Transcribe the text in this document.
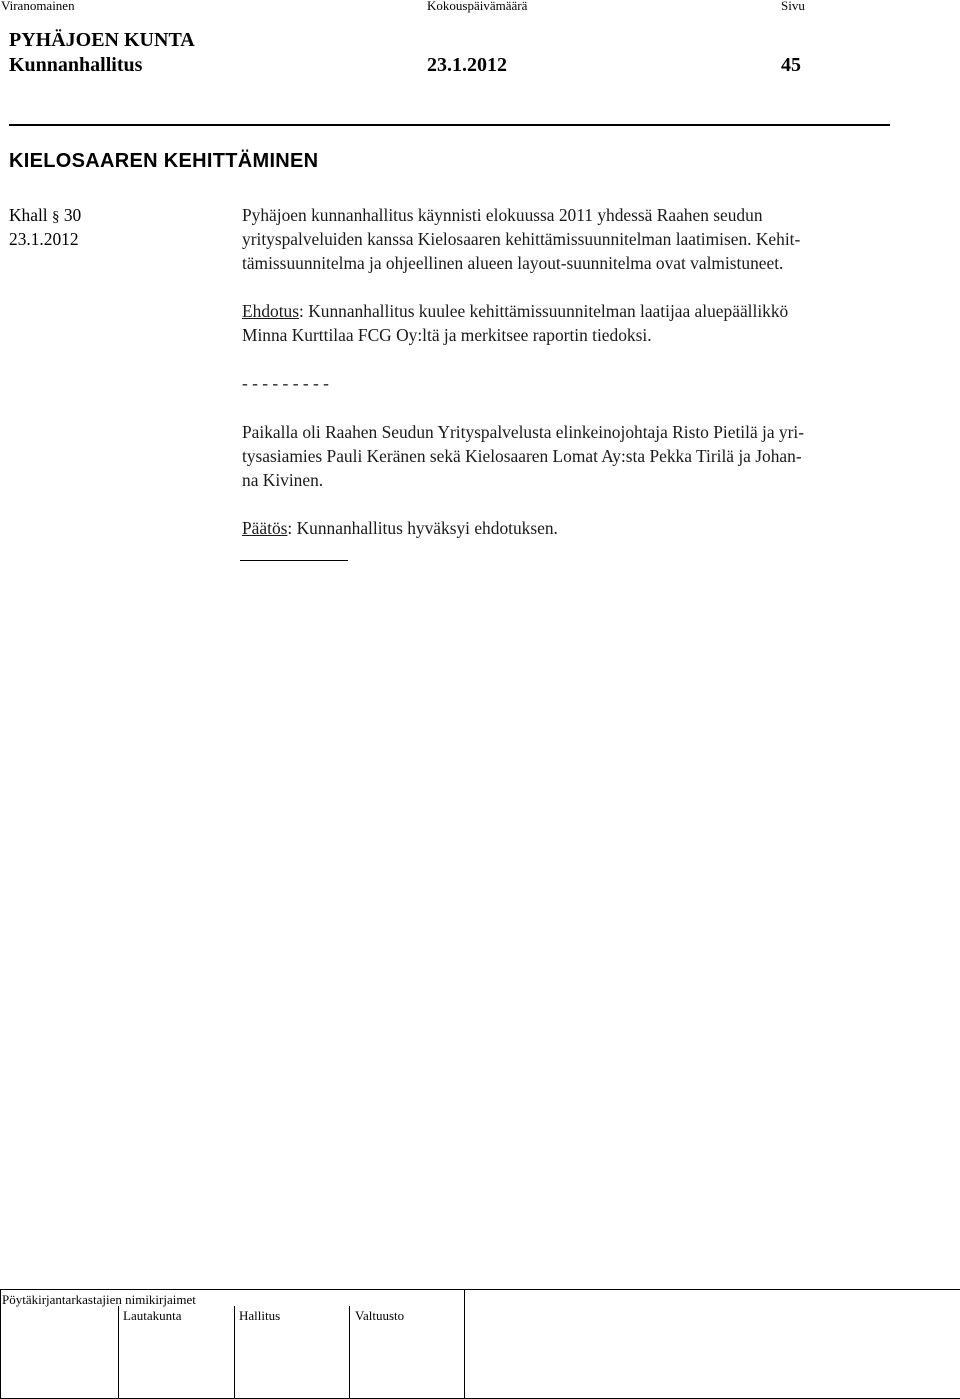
Viranomainen	Kokouspäivämäärä	Sivu
PYHÄJOEN KUNTA
Kunnanhallitus	23.1.2012	45
KIELOSAAREN KEHITTÄMINEN
Khall § 30
23.1.2012
Pyhäjoen kunnanhallitus käynnisti elokuussa 2011 yhdessä Raahen seudun
yrityspalveluiden kanssa Kielosaaren kehittämissuunnitelman laatimisen. Kehit-
tämissuunnitelma ja ohjeellinen alueen layout-suunnitelma ovat valmistuneet.
Ehdotus: Kunnanhallitus kuulee kehittämissuunnitelman laatijaa aluepäällikkö
Minna Kurttilaa FCG Oy:ltä ja merkitsee raportin tiedoksi.
- - - - - - - - -
Paikalla oli Raahen Seudun Yrityspalvelusta elinkeinojohtaja Risto Pietilä ja yri-
tysasiamies Pauli Keränen sekä Kielosaaren Lomat Ay:sta Pekka Tirilä ja Johan-
na Kivinen.
Päätös: Kunnanhallitus hyväksyi ehdotuksen.
Pöytäkirjantarkastajien nimikirjaimet
Lautakunta	Hallitus	Valtuusto
